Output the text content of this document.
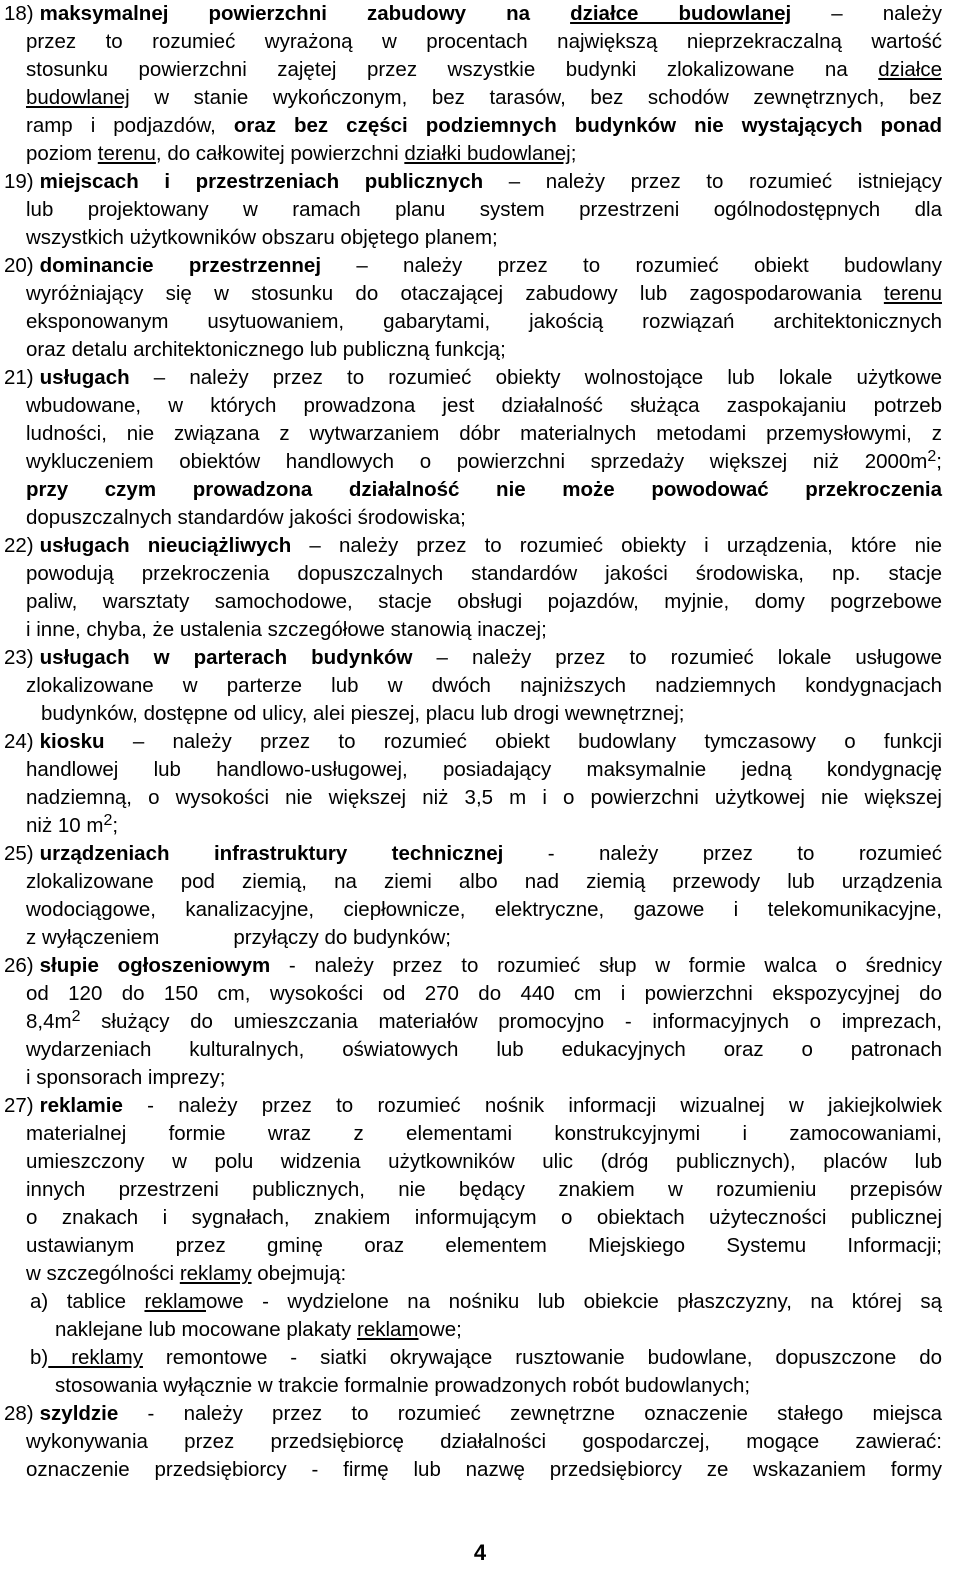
18) maksymalnej powierzchni zabudowy na działce budowlanej – należy
przez to rozumieć wyrażoną w procentach największą nieprzekraczalną wartość
stosunku powierzchni zajętej przez wszystkie budynki zlokalizowane na działce
budowlanej w stanie wykończonym, bez tarasów, bez schodów zewnętrznych, bez
ramp i podjazdów, oraz bez części podziemnych budynków nie wystających ponad
poziom terenu, do całkowitej powierzchni działki budowlanej;
19) miejscach i przestrzeniach publicznych – należy przez to rozumieć istniejący
lub projektowany w ramach planu system przestrzeni ogólnodostępnych dla
wszystkich użytkowników obszaru objętego planem;
20) dominancie przestrzennej – należy przez to rozumieć obiekt budowlany
wyróżniający się w stosunku do otaczającej zabudowy lub zagospodarowania terenu
eksponowanym usytuowaniem, gabarytami, jakością rozwiązań architektonicznych
oraz detalu architektonicznego lub publiczną funkcją;
21) usługach – należy przez to rozumieć obiekty wolnostojące lub lokale użytkowe
wbudowane, w których prowadzona jest działalność służąca zaspokajaniu potrzeb
ludności, nie związana z wytwarzaniem dóbr materialnych metodami przemysłowymi, z
wykluczeniem obiektów handlowych o powierzchni sprzedaży większej niż $2000m^2$;
przy czym prowadzona działalność nie może powodować przekroczenia
dopuszczalnych standardów jakości środowiska;
22) usługach nieuciążliwych – należy przez to rozumieć obiekty i urządzenia, które nie
powodują przekroczenia dopuszczalnych standardów jakości środowiska, np. stacje
paliw, warsztaty samochodowe, stacje obsługi pojazdów, myjnie, domy pogrzebowe
i inne, chyba, że ustalenia szczegółowe stanowią inaczej;
23) usługach w parterach budynków – należy przez to rozumieć lokale usługowe
zlokalizowane w parterze lub w dwóch najniższych nadziemnych kondygnacjach
budynków, dostępne od ulicy, alei pieszej, placu lub drogi wewnętrznej;
24) kiosku – należy przez to rozumieć obiekt budowlany tymczasowy o funkcji
handlowej lub handlowo-usługowej, posiadający maksymalnie jedną kondygnację
nadziemną, o wysokości nie większej niż 3,5 m i o powierzchni użytkowej nie większej
niż 10 $m^2$;
25) urządzeniach infrastruktury technicznej - należy przez to rozumieć
zlokalizowane pod ziemią, na ziemi albo nad ziemią przewody lub urządzenia
wodociągowe, kanalizacyjne, ciepłownicze, elektryczne, gazowe i telekomunikacyjne,
z wyłączeniem             przyłączy do budynków;
26) słupie ogłoszeniowym - należy przez to rozumieć słup w formie walca o średnicy
od 120 do 150 cm, wysokości od 270 do 440 cm i powierzchni ekspozycyjnej do
$8,4m^2$ służący do umieszczania materiałów promocyjno - informacyjnych o imprezach,
wydarzeniach kulturalnych, oświatowych lub edukacyjnych oraz o patronach
i sponsorach imprezy;
27) reklamie - należy przez to rozumieć nośnik informacji wizualnej w jakiejkolwiek
materialnej formie wraz z elementami konstrukcyjnymi i zamocowaniami,
umieszczony w polu widzenia użytkowników ulic (dróg publicznych), placów lub
innych przestrzeni publicznych, nie będący znakiem w rozumieniu przepisów
o znakach i sygnałach, znakiem informującym o obiektach użyteczności publicznej
ustawianym przez gminę oraz elementem Miejskiego Systemu Informacji;
w szczególności reklamy obejmują:
a) tablice reklamowe - wydzielone na nośniku lub obiekcie płaszczyzny, na której są
naklejane lub mocowane plakaty reklamowe;
b) reklamy remontowe - siatki okrywające rusztowanie budowlane, dopuszczone do
stosowania wyłącznie w trakcie formalnie prowadzonych robót budowlanych;
28) szyldzie - należy przez to rozumieć zewnętrzne oznaczenie stałego miejsca
wykonywania przez przedsiębiorcę działalności gospodarczej, mogące zawierać:
oznaczenie przedsiębiorcy - firmę lub nazwę przedsiębiorcy ze wskazaniem formy
4
